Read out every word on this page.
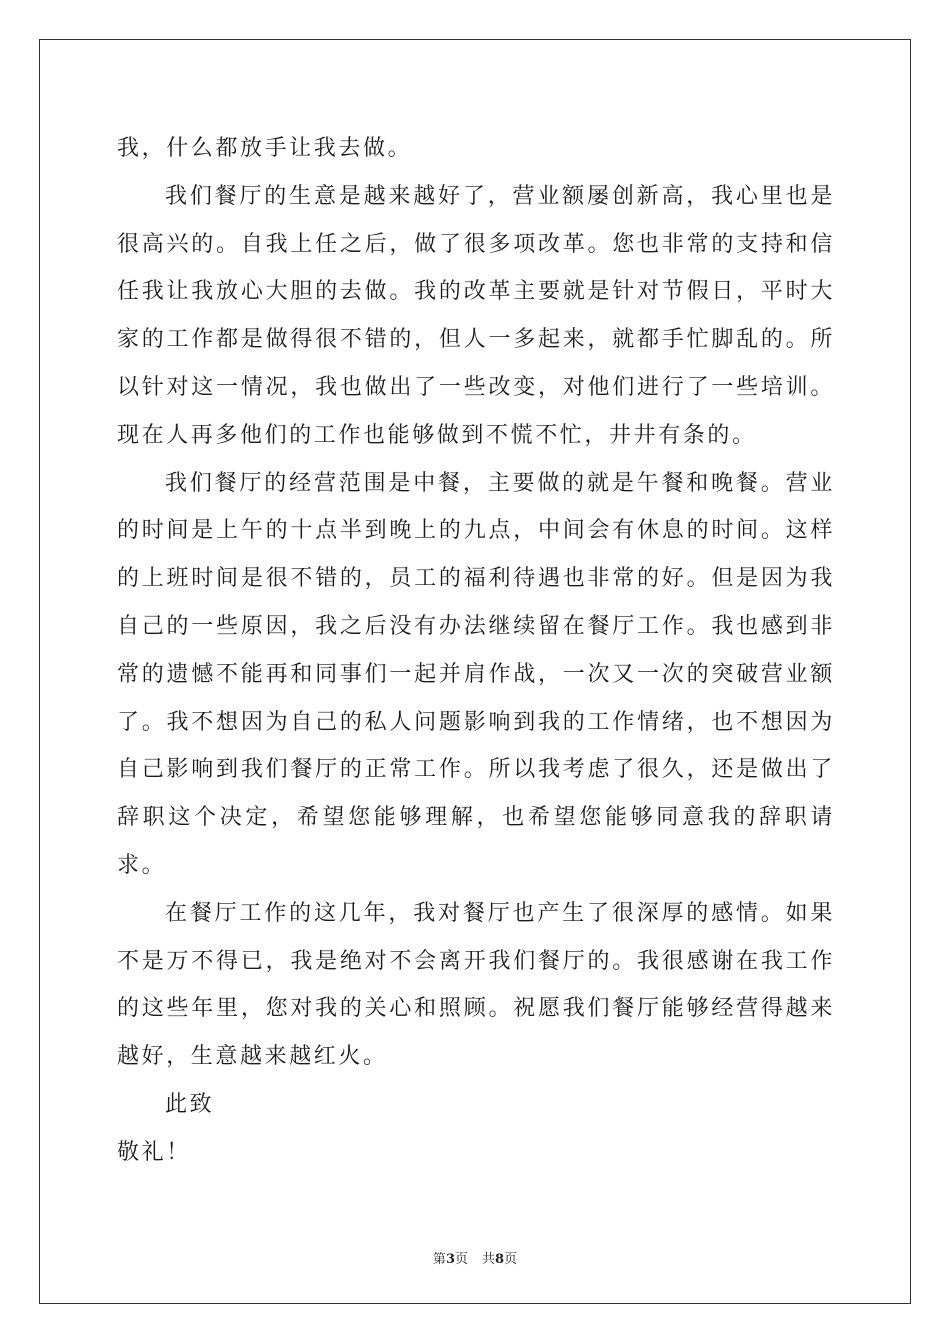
我，什么都放手让我去做。

我们餐厅的生意是越来越好了，营业额屡创新高，我心里也是很高兴的。自我上任之后，做了很多项改革。您也非常的支持和信任我让我放心大胆的去做。我的改革主要就是针对节假日，平时大家的工作都是做得很不错的，但人一多起来，就都手忙脚乱的。所以针对这一情况，我也做出了一些改变，对他们进行了一些培训。现在人再多他们的工作也能够做到不慌不忙，井井有条的。

我们餐厅的经营范围是中餐，主要做的就是午餐和晚餐。营业的时间是上午的十点半到晚上的九点，中间会有休息的时间。这样的上班时间是很不错的，员工的福利待遇也非常的好。但是因为我自己的一些原因，我之后没有办法继续留在餐厅工作。我也感到非常的遗憾不能再和同事们一起并肩作战，一次又一次的突破营业额了。我不想因为自己的私人问题影响到我的工作情绪，也不想因为自己影响到我们餐厅的正常工作。所以我考虑了很久，还是做出了辞职这个决定，希望您能够理解，也希望您能够同意我的辞职请求。

在餐厅工作的这几年，我对餐厅也产生了很深厚的感情。如果不是万不得已，我是绝对不会离开我们餐厅的。我很感谢在我工作的这些年里，您对我的关心和照顾。祝愿我们餐厅能够经营得越来越好，生意越来越红火。

此致

敬礼！

第3页 共8页
